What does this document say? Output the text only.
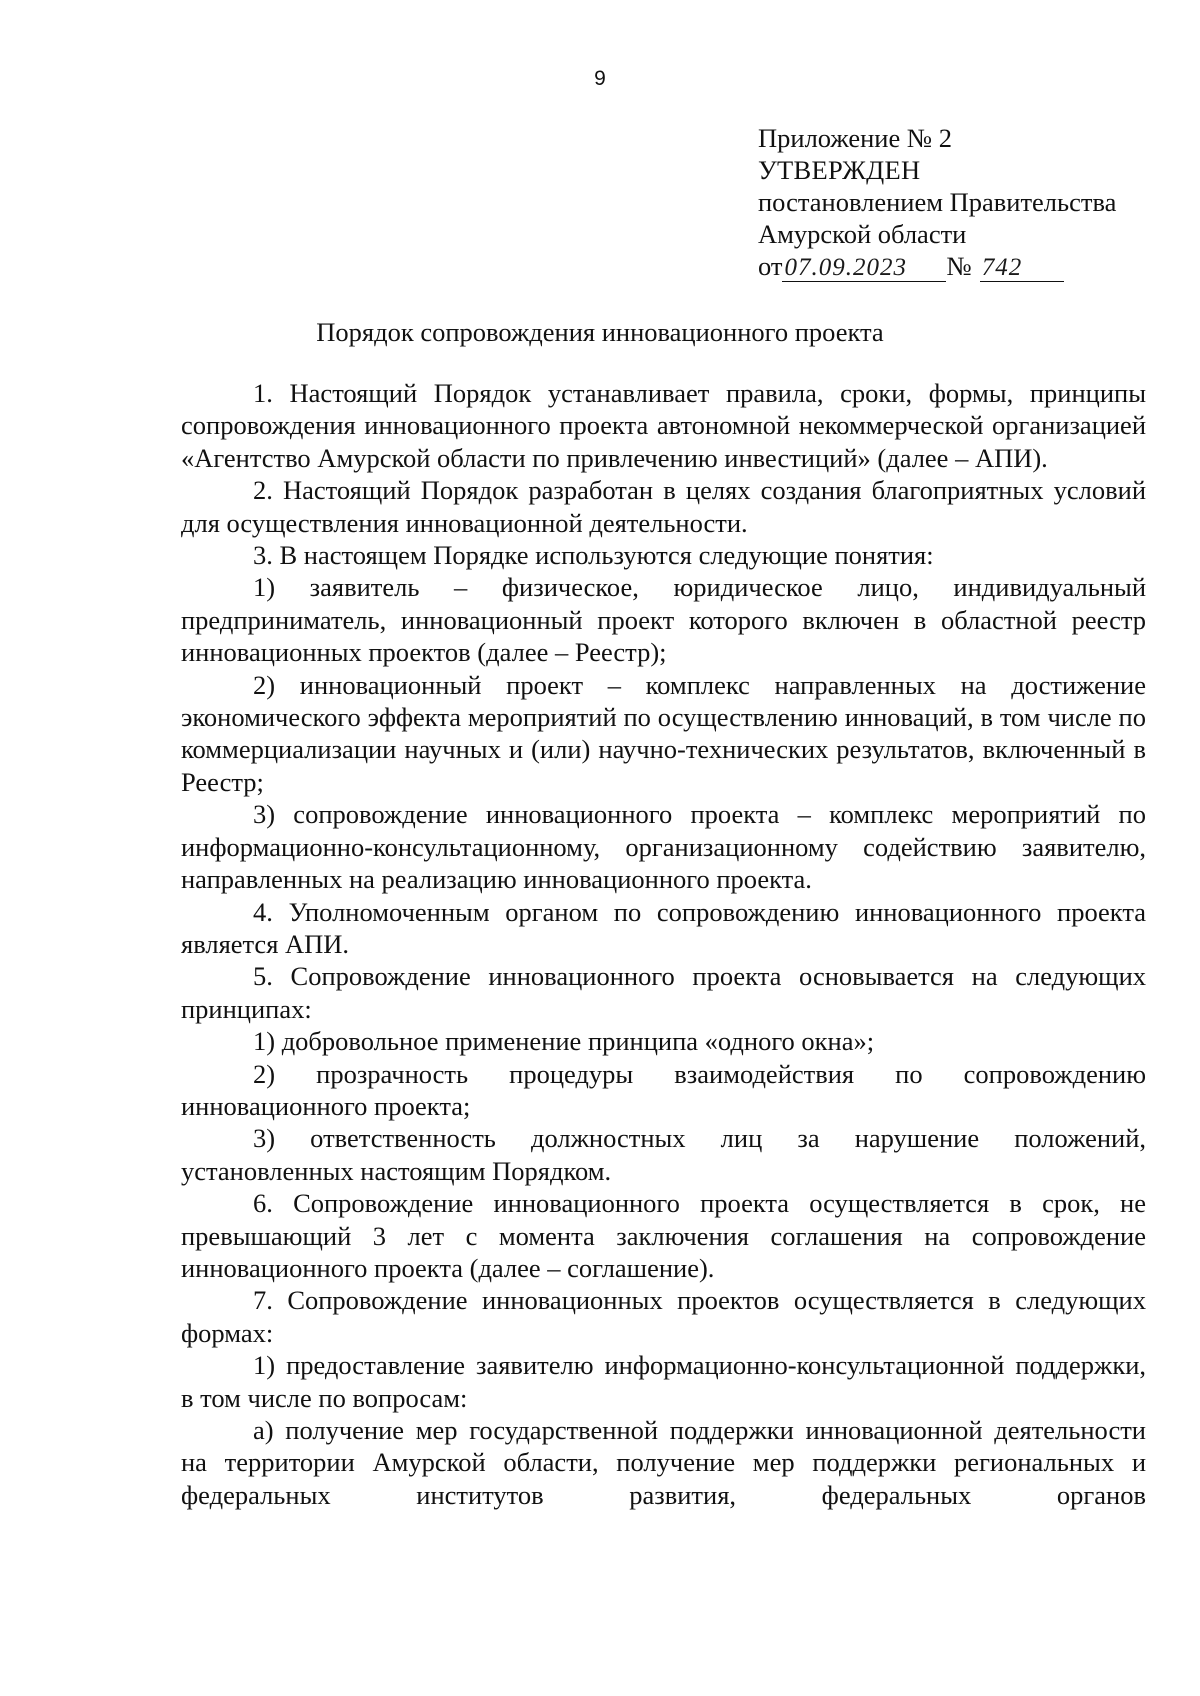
9
Приложение № 2
УТВЕРЖДЕН
постановлением Правительства
Амурской области
от07.09.2023 № 742
Порядок сопровождения инновационного проекта

1. Настоящий Порядок устанавливает правила, сроки, формы, принципы сопровождения инновационного проекта автономной некоммерческой организацией «Агентство Амурской области по привлечению инвестиций» (далее – АПИ).

2. Настоящий Порядок разработан в целях создания благоприятных условий для осуществления инновационной деятельности.

3. В настоящем Порядке используются следующие понятия:

1) заявитель – физическое, юридическое лицо, индивидуальный предприниматель, инновационный проект которого включен в областной реестр инновационных проектов (далее – Реестр);

2) инновационный проект – комплекс направленных на достижение экономического эффекта мероприятий по осуществлению инноваций, в том числе по коммерциализации научных и (или) научно-технических результатов, включенный в Реестр;

3) сопровождение инновационного проекта – комплекс мероприятий по информационно-консультационному, организационному содействию заявителю, направленных на реализацию инновационного проекта.

4. Уполномоченным органом по сопровождению инновационного проекта является АПИ.

5. Сопровождение инновационного проекта основывается на следующих принципах:

1) добровольное применение принципа «одного окна»;

2) прозрачность процедуры взаимодействия по сопровождению инновационного проекта;

3) ответственность должностных лиц за нарушение положений, установленных настоящим Порядком.

6. Сопровождение инновационного проекта осуществляется в срок, не превышающий 3 лет с момента заключения соглашения на сопровождение инновационного проекта (далее – соглашение).

7. Сопровождение инновационных проектов осуществляется в следующих формах:

1) предоставление заявителю информационно-консультационной поддержки, в том числе по вопросам:

а) получение мер государственной поддержки инновационной деятельности на территории Амурской области, получение мер поддержки региональных и федеральных институтов развития, федеральных органов
